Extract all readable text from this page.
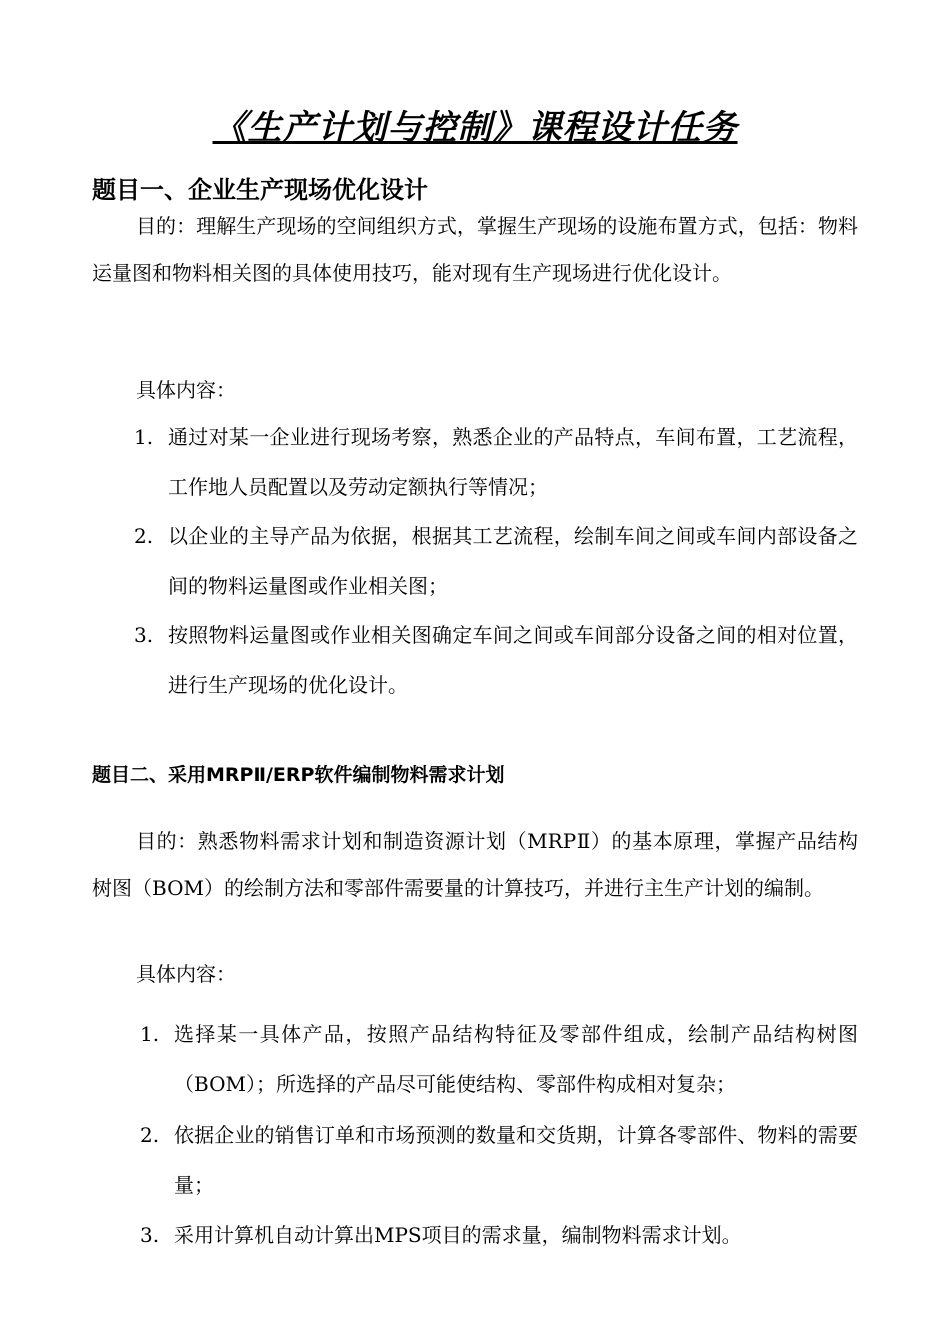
《生产计划与控制》课程设计任务
题目一、企业生产现场优化设计

目的：理解生产现场的空间组织方式，掌握生产现场的设施布置方式，包括：物料运量图和物料相关图的具体使用技巧，能对现有生产现场进行优化设计。

具体内容：
1. 通过对某一企业进行现场考察，熟悉企业的产品特点，车间布置，工艺流程，工作地人员配置以及劳动定额执行等情况；
2. 以企业的主导产品为依据，根据其工艺流程，绘制车间之间或车间内部设备之间的物料运量图或作业相关图；
3. 按照物料运量图或作业相关图确定车间之间或车间部分设备之间的相对位置，进行生产现场的优化设计。
题目二、采用MRPⅡ/ERP软件编制物料需求计划

目的：熟悉物料需求计划和制造资源计划（MRPⅡ）的基本原理，掌握产品结构树图（BOM）的绘制方法和零部件需要量的计算技巧，并进行主生产计划的编制。

具体内容：
1. 选择某一具体产品，按照产品结构特征及零部件组成，绘制产品结构树图（BOM）；所选择的产品尽可能使结构、零部件构成相对复杂；
2. 依据企业的销售订单和市场预测的数量和交货期，计算各零部件、物料的需要量；
3. 采用计算机自动计算出MPS项目的需求量，编制物料需求计划。
